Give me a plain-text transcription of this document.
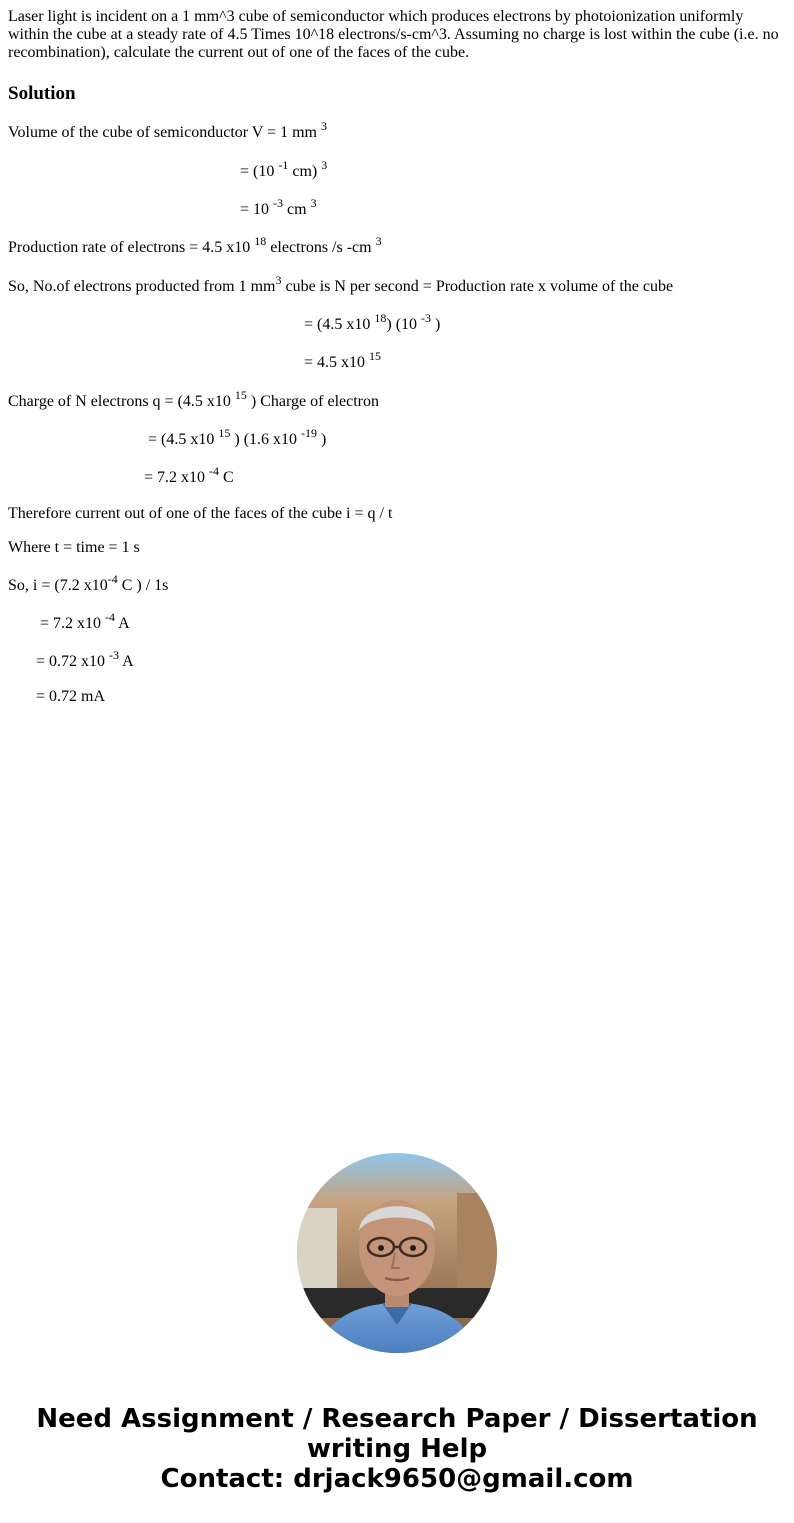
Laser light is incident on a 1 mm^3 cube of semiconductor which produces electrons by photoionization uniformly within the cube at a steady rate of 4.5 Times 10^18 electrons/s-cm^3. Assuming no charge is lost within the cube (i.e. no recombination), calculate the current out of one of the faces of the cube.

Solution
Volume of the cube of semiconductor V = 1 mm $^3$
= (10 $^{-1}$ cm) $^3$
= 10 $^{-3}$ cm $^3$
Production rate of electrons = 4.5 x10 $^{18}$ electrons /s -cm $^3$
So, No.of electrons producted from 1 $mm^3$ cube is N per second = Production rate x volume of the cube
= (4.5 x10 $^{18}$) (10 $^{-3}$ )
= 4.5 x10 $^{15}$
Charge of N electrons q = (4.5 x10 $^{15}$ ) Charge of electron
= (4.5 x10 $^{15}$ ) (1.6 x10 $^{-19}$ )
= 7.2 x10 $^{-4}$ C
Therefore current out of one of the faces of the cube i = q / t
Where t = time = 1 s
So, i = (7.2 $x10^{-4}$ C ) / 1s
= 7.2 x10 $^{-4}$ A
= 0.72 x10 $^{-3}$ A
= 0.72 mA
Need Assignment / Research Paper / Dissertation
writing Help
Contact: drjack9650@gmail.com
